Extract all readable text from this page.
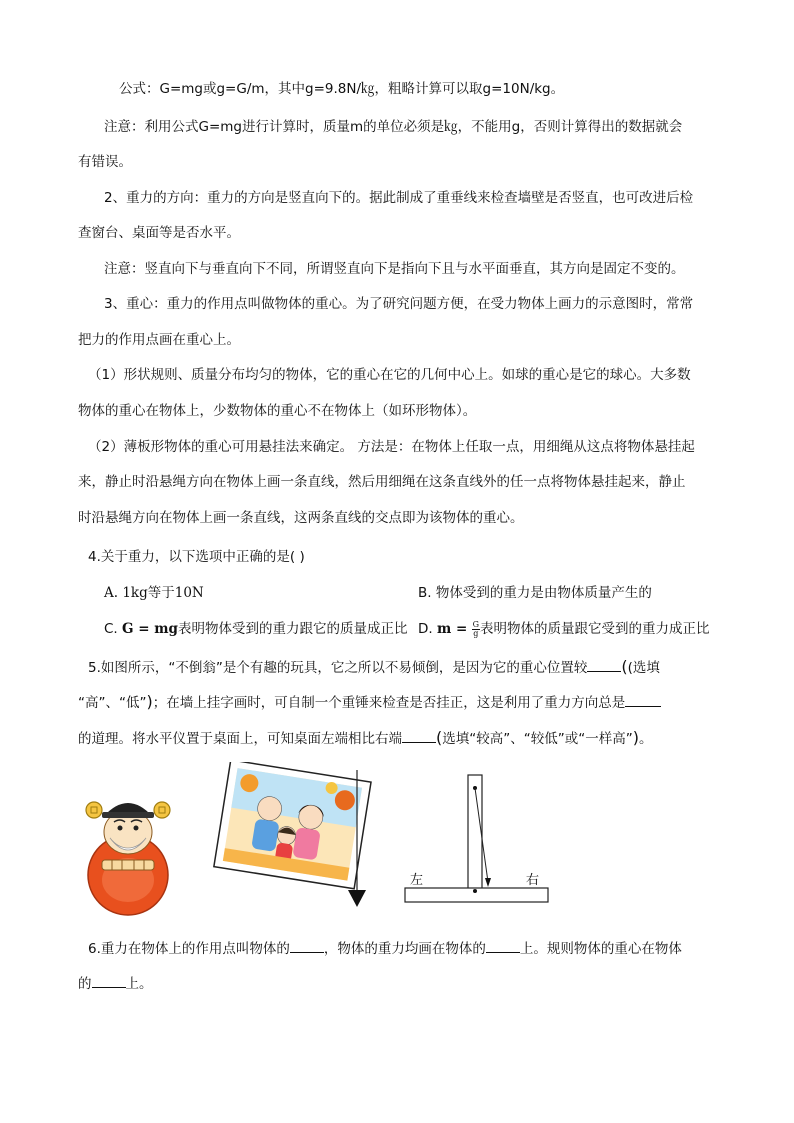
公式：G=mg或g=G/m，其中g=9.8N/㎏，粗略计算可以取g=10N/kg。
注意：利用公式G=mg进行计算时，质量m的单位必须是㎏，不能用g，否则计算得出的数据就会
有错误。
2、重力的方向：重力的方向是竖直向下的。据此制成了重垂线来检查墙壁是否竖直，也可改进后检
查窗台、桌面等是否水平。
注意：竖直向下与垂直向下不同，所谓竖直向下是指向下且与水平面垂直，其方向是固定不变的。
3、重心：重力的作用点叫做物体的重心。为了研究问题方便，在受力物体上画力的示意图时，常常
把力的作用点画在重心上。
（1）形状规则、质量分布均匀的物体，它的重心在它的几何中心上。如球的重心是它的球心。大多数
物体的重心在物体上，少数物体的重心不在物体上（如环形物体）。
（2）薄板形物体的重心可用悬挂法来确定。 方法是：在物体上任取一点，用细绳从这点将物体悬挂起
来，静止时沿悬绳方向在物体上画一条直线，然后用细绳在这条直线外的任一点将物体悬挂起来，静止
时沿悬绳方向在物体上画一条直线，这两条直线的交点即为该物体的重心。
4.关于重力，以下选项中正确的是( )
A. 1kg等于10N	B. 物体受到的重力是由物体质量产生的
C. G = mg表明物体受到的重力跟它的质量成正比 D. $m = \frac{G}{g}$ 表明物体的质量跟它受到的重力成正比
5.如图所示，“不倒翁”是个有趣的玩具，它之所以不易倾倒，是因为它的重心位置较 ((选填
“高”、“低”)；在墙上挂字画时，可自制一个重锤来检查是否挂正，这是利用了重力方向总是
的道理。将水平仪置于桌面上，可知桌面左端相比右端 (选填“较高”、“较低”或“一样高”)。
左	右
6.重力在物体上的作用点叫物体的	，物体的重力均画在物体的	上。规则物体的重心在物体
的	上。
